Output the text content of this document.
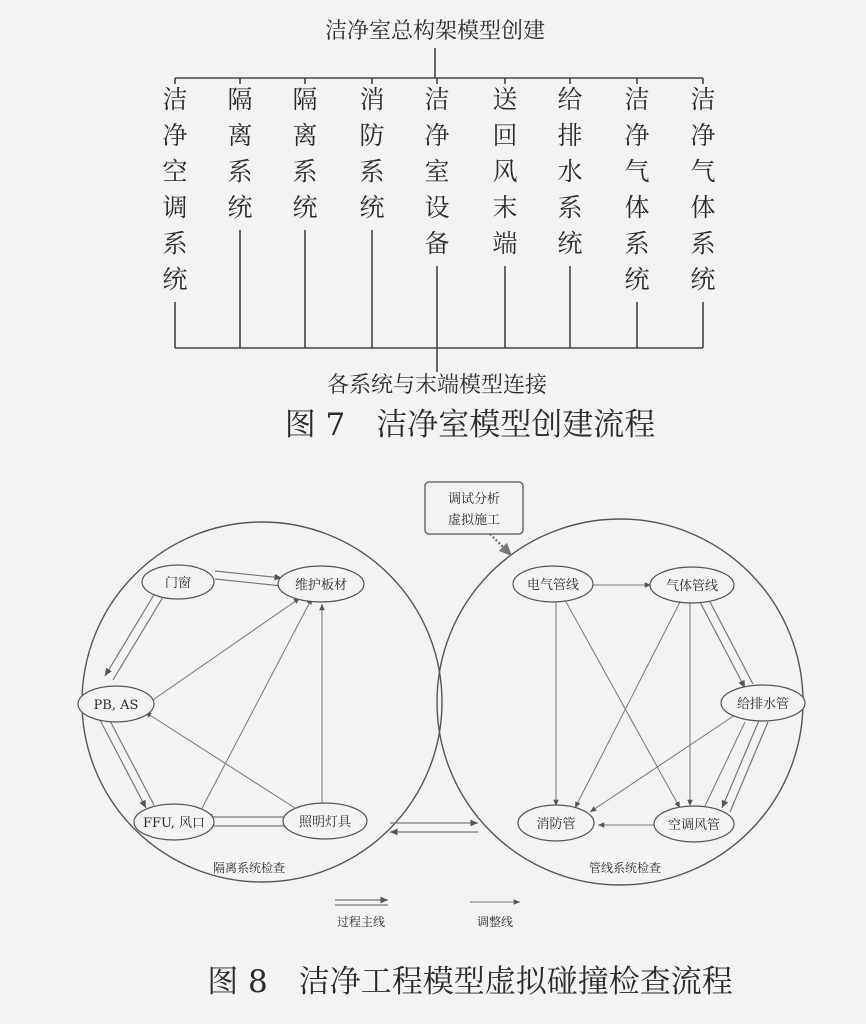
洁净室总构架模型创建
洁净空调系统
隔离系统
隔离系统
消防系统
洁净室设备
送回风末端
给排水系统
洁净气体系统
洁净气体系统
各系统与末端模型连接
图 7　洁净室模型创建流程
调试分析
虚拟施工
门窗	维护板材
PB, AS
FFU, 风口	照明灯具
电气管线	气体管线
给排水管
消防管	空调风管
隔离系统检查	管线系统检查
过程主线	调整线
图 8　洁净工程模型虚拟碰撞检查流程
